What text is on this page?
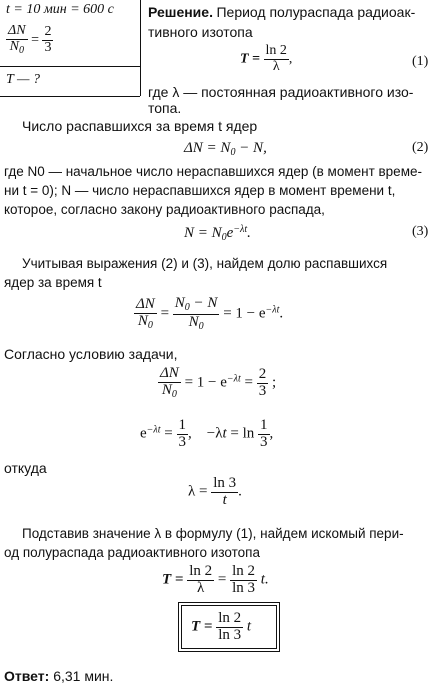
t = 10 мин = 600 с
$\frac{\Delta N}{N_0} = \frac{2}{3}$
T — ?
Решение. Период полураспада радиоак-
тивного изотопа
$T = \frac{\ln 2}{\lambda}$ ,	(1)
где λ — постоянная радиоактивного изо-
топа.
Число распавшихся за время t ядер
$\Delta N = N_0 - N$,	(2)
где N0 — начальное число нераспавшихся ядер (в момент време-
ни t = 0); N — число нераспавшихся ядер в момент времени t,
которое, согласно закону радиоактивного распада,
$N = N_0e^{-\lambda t}$.	(3)
Учитывая выражения (2) и (3), найдем долю распавшихся
ядер за время t
$\frac{\Delta N}{N_0} = \frac{N_0 - N}{N_0} = 1 - e^{-\lambda t}$.
Согласно условию задачи,
$\frac{\Delta N}{N_0} = 1 - e^{-\lambda t} = \frac{2}{3}$ ;
$e^{-\lambda t} = \frac{1}{3}$ ,    $-\lambda t = \ln \frac{1}{3}$ ,
откуда
$\lambda = \frac{\ln 3}{t}$ .
Подставив значение λ в формулу (1), найдем искомый пери-
од полураспада радиоактивного изотопа
$T = \frac{\ln 2}{\lambda} = \frac{\ln 2}{\ln 3} t$.
$T = \frac{\ln 2}{\ln 3}$ t
Ответ: 6,31 мин.
